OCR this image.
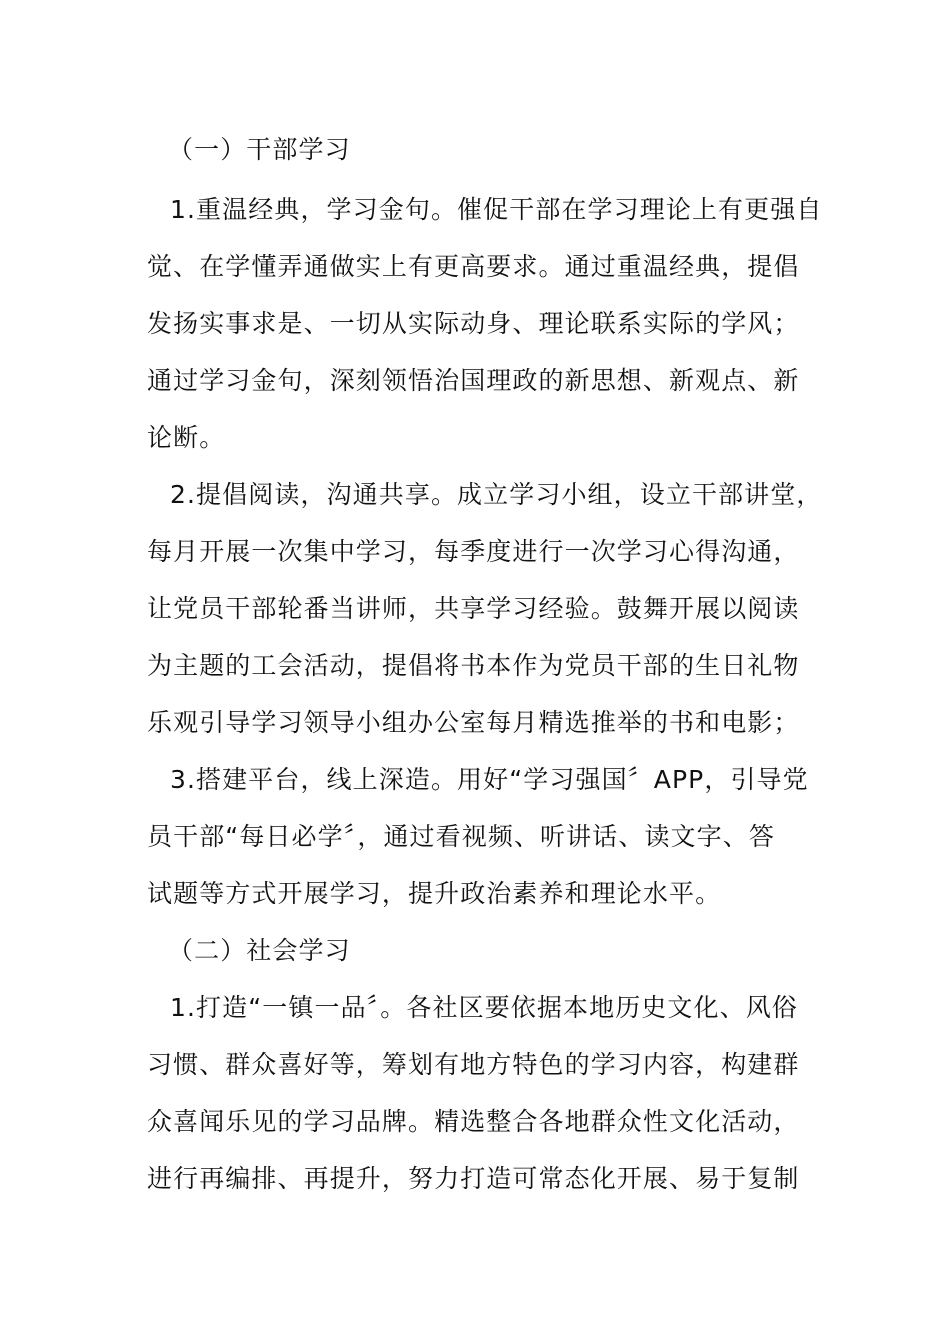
（一）干部学习
1.重温经典，学习金句。催促干部在学习理论上有更强自
觉、在学懂弄通做实上有更高要求。通过重温经典，提倡
发扬实事求是、一切从实际动身、理论联系实际的学风；
通过学习金句，深刻领悟治国理政的新思想、新观点、新
论断。
2.提倡阅读，沟通共享。成立学习小组，设立干部讲堂，
每月开展一次集中学习，每季度进行一次学习心得沟通，
让党员干部轮番当讲师，共享学习经验。鼓舞开展以阅读
为主题的工会活动，提倡将书本作为党员干部的生日礼物
乐观引导学习领导小组办公室每月精选推举的书和电影；
3.搭建平台，线上深造。用好“学习强国〞APP，引导党
员干部“每日必学〞，通过看视频、听讲话、读文字、答
试题等方式开展学习，提升政治素养和理论水平。
（二）社会学习
1.打造“一镇一品〞。各社区要依据本地历史文化、风俗
习惯、群众喜好等，筹划有地方特色的学习内容，构建群
众喜闻乐见的学习品牌。精选整合各地群众性文化活动，
进行再编排、再提升，努力打造可常态化开展、易于复制
